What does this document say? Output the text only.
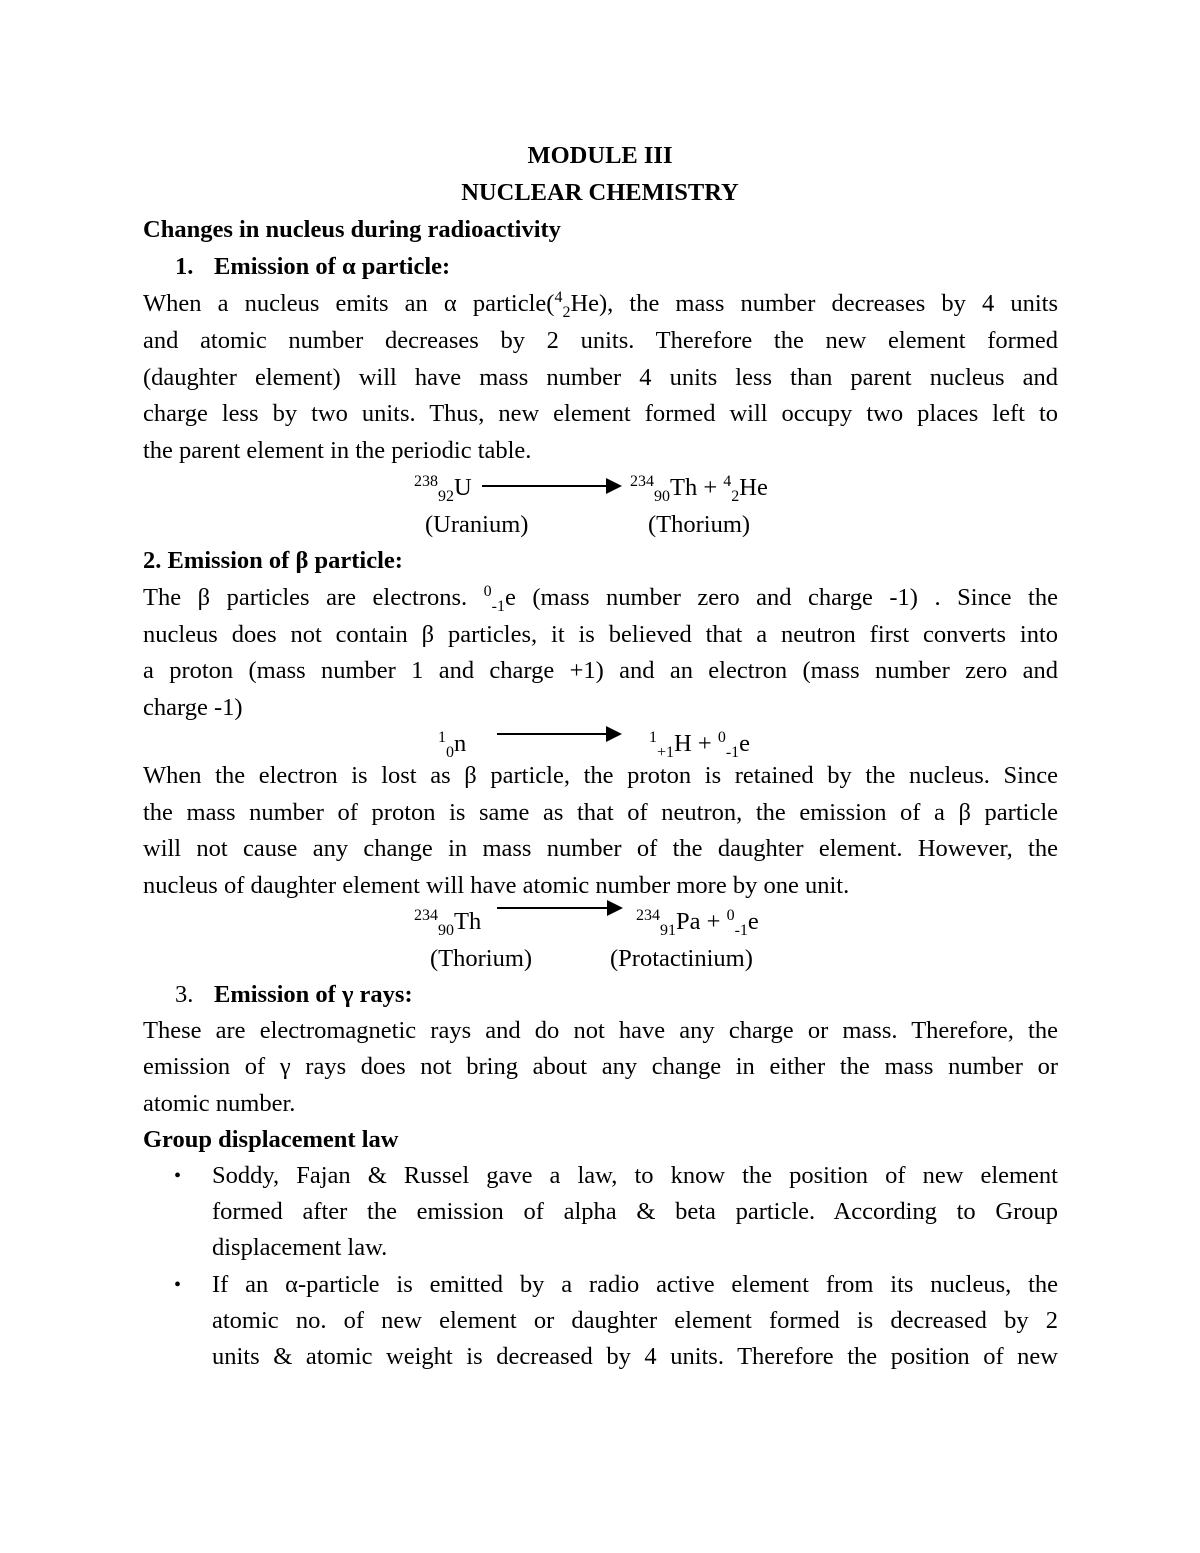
MODULE III
NUCLEAR CHEMISTRY
Changes in nucleus during radioactivity
1. Emission of α particle:
When a nucleus emits an α particle($^4_2$He), the mass number decreases by 4 units
and atomic number decreases by 2 units. Therefore the new element formed
(daughter element) will have mass number 4 units less than parent nucleus and
charge less by two units. Thus, new element formed will occupy two places left to
the parent element in the periodic table.
$^{238}_{92}$U	$^{234}_{90}$Th + $^4_2$He
(Uranium)	(Thorium)
2. Emission of β particle:
The β particles are electrons. $^0_{-1}$e (mass number zero and charge -1) . Since the
nucleus does not contain β particles, it is believed that a neutron first converts into
a proton (mass number 1 and charge +1) and an electron (mass number zero and
charge -1)
$^1_0$n	$^1_{+1}$H + $^0_{-1}$e
When the electron is lost as β particle, the proton is retained by the nucleus. Since
the mass number of proton is same as that of neutron, the emission of a β particle
will not cause any change in mass number of the daughter element. However, the
nucleus of daughter element will have atomic number more by one unit.
$^{234}_{90}$Th	$^{234}_{91}$Pa + $^0_{-1}$e
(Thorium)	(Protactinium)
3. Emission of γ rays:
These are electromagnetic rays and do not have any charge or mass. Therefore, the
emission of γ rays does not bring about any change in either the mass number or
atomic number.
Group displacement law
• Soddy, Fajan & Russel gave a law, to know the position of new element
formed after the emission of alpha & beta particle. According to Group
displacement law.
• If an α-particle is emitted by a radio active element from its nucleus, the
atomic no. of new element or daughter element formed is decreased by 2
units & atomic weight is decreased by 4 units. Therefore the position of new
